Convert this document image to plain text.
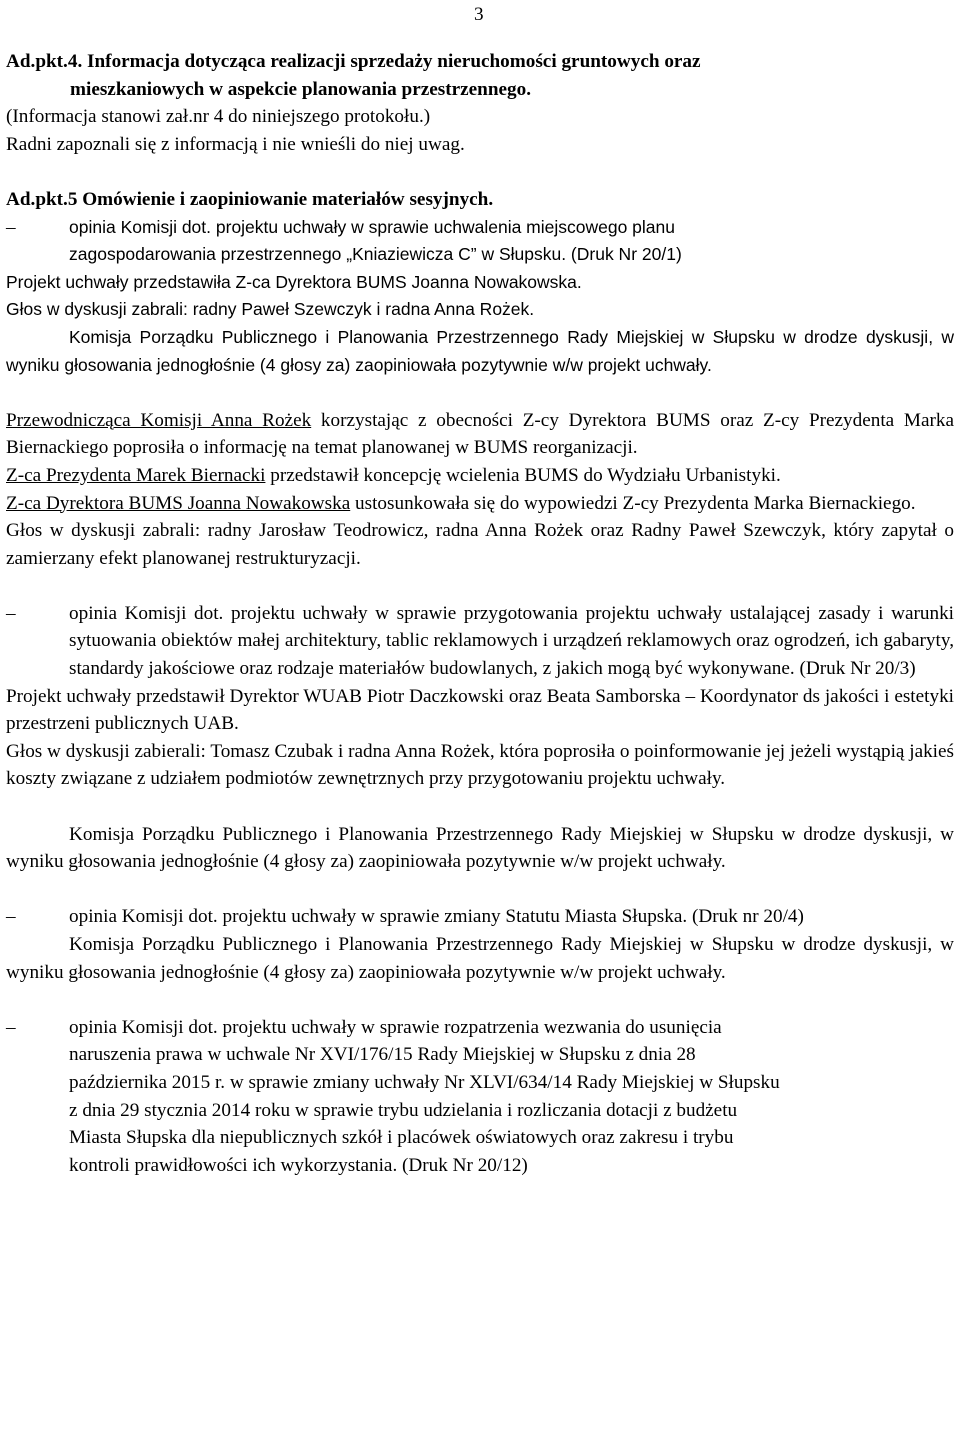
3

Ad.pkt.4. Informacja dotycząca realizacji sprzedaży nieruchomości gruntowych oraz
mieszkaniowych w aspekcie planowania przestrzennego.

(Informacja stanowi zał.nr 4 do niniejszego protokołu.)

Radni zapoznali się z informacją i nie wnieśli do niej uwag.

Ad.pkt.5 Omówienie i zaopiniowanie materiałów sesyjnych.

–	opinia Komisji dot. projektu uchwały w sprawie uchwalenia miejscowego planu

zagospodarowania przestrzennego „Kniaziewicza C” w Słupsku. (Druk Nr 20/1)

Projekt uchwały przedstawiła Z-ca Dyrektora BUMS Joanna Nowakowska.

Głos w dyskusji zabrali: radny Paweł Szewczyk i radna Anna Rożek.

Komisja Porządku Publicznego i Planowania Przestrzennego Rady Miejskiej w Słupsku w drodze dyskusji, w wyniku głosowania jednogłośnie (4 głosy za) zaopiniowała pozytywnie w/w projekt uchwały.

Przewodnicząca Komisji Anna Rożek korzystając z obecności Z-cy Dyrektora BUMS oraz Z-cy Prezydenta Marka Biernackiego poprosiła o informację na temat planowanej w BUMS reorganizacji.

Z-ca Prezydenta Marek Biernacki przedstawił koncepcję wcielenia BUMS do Wydziału Urbanistyki.

Z-ca Dyrektora BUMS Joanna Nowakowska ustosunkowała się do wypowiedzi Z-cy Prezydenta Marka Biernackiego.

Głos w dyskusji zabrali: radny Jarosław Teodrowicz, radna Anna Rożek oraz Radny Paweł Szewczyk, który zapytał o zamierzany efekt planowanej restrukturyzacji.

–	opinia Komisji dot. projektu uchwały w sprawie przygotowania projektu uchwały ustalającej zasady i warunki sytuowania obiektów małej architektury, tablic reklamowych i urządzeń reklamowych oraz ogrodzeń, ich gabaryty, standardy jakościowe oraz rodzaje materiałów budowlanych, z jakich mogą być wykonywane. (Druk Nr 20/3)

Projekt uchwały przedstawił Dyrektor WUAB Piotr Daczkowski oraz Beata Samborska – Koordynator ds jakości i estetyki przestrzeni publicznych UAB.

Głos w dyskusji zabierali: Tomasz Czubak i radna Anna Rożek, która poprosiła o poinformowanie jej jeżeli wystąpią jakieś koszty związane z udziałem podmiotów zewnętrznych przy przygotowaniu projektu uchwały.

Komisja Porządku Publicznego i Planowania Przestrzennego Rady Miejskiej w Słupsku w drodze dyskusji, w wyniku głosowania jednogłośnie (4 głosy za) zaopiniowała pozytywnie w/w projekt uchwały.

–	opinia Komisji dot. projektu uchwały w sprawie zmiany Statutu Miasta Słupska. (Druk nr 20/4)

Komisja Porządku Publicznego i Planowania Przestrzennego Rady Miejskiej w Słupsku w drodze dyskusji, w wyniku głosowania jednogłośnie (4 głosy za) zaopiniowała pozytywnie w/w projekt uchwały.

–	opinia Komisji dot. projektu uchwały w sprawie rozpatrzenia wezwania do usunięcia

naruszenia prawa w uchwale Nr XVI/176/15 Rady Miejskiej w Słupsku z dnia 28

października 2015 r. w sprawie zmiany uchwały Nr XLVI/634/14 Rady Miejskiej w Słupsku

z dnia 29 stycznia 2014 roku w sprawie trybu udzielania i rozliczania dotacji z budżetu

Miasta Słupska dla niepublicznych szkół i placówek oświatowych oraz zakresu i trybu

kontroli prawidłowości ich wykorzystania. (Druk Nr 20/12)
